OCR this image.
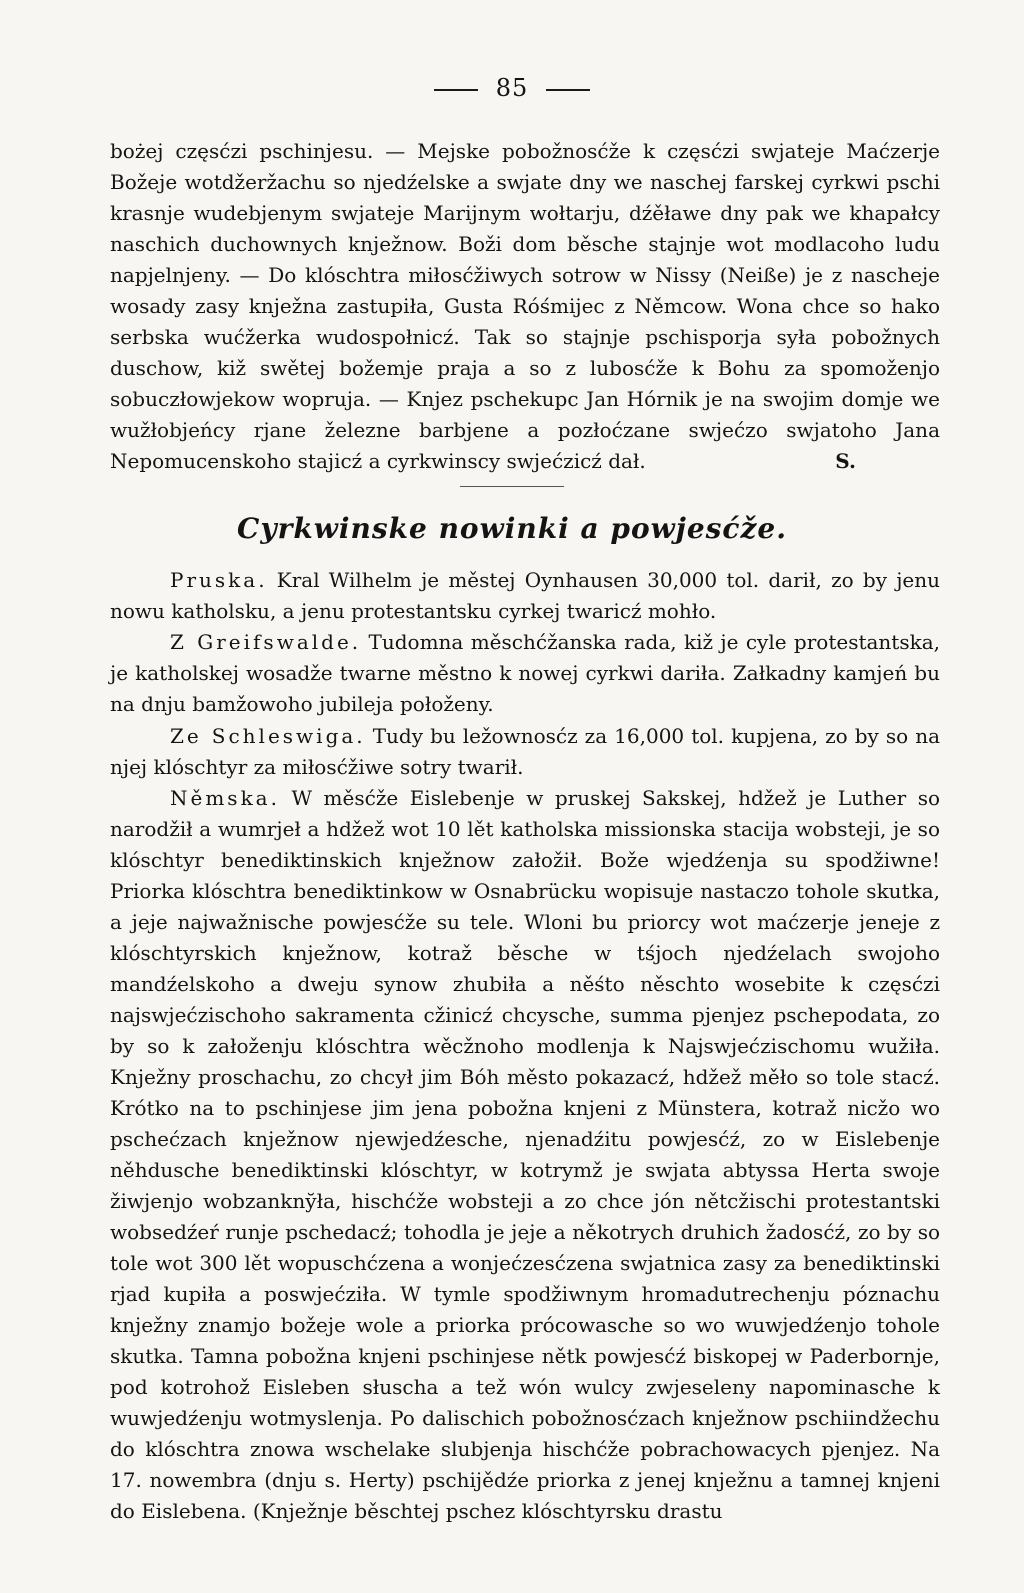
85
bożej częsćzi pschinjesu. — Mejske pobožnosćže k częsćzi swjateje Maćzerje Božeje wotdžeržachu so njedźelske a swjate dny we naschej farskej cyrkwi pschi krasnje wudebjenym swjateje Marijnym wołtarju, dźěławe dny pak we khapałcy naschich duchownych knježnow. Boži dom běsche stajnje wot modlacoho ludu napjelnjeny. — Do klóschtra miłosćžiwych sotrow w Nissy (Neiße) je z nascheje wosady zasy knježna zastupiła, Gusta Róśmijec z Němcow. Wona chce so hako serbska wućžerka wudospołnicź. Tak so stajnje pschisporja syła pobožnych duschow, kiž swětej božemje praja a so z lubosćže k Bohu za spomoženjo sobuczłowjekow wopruja. — Knjez pschekupc Jan Hórnik je na swojim domje we wužłobjeńcy rjane železne barbjene a pozłoćzane swjećzo swjatoho Jana Nepomucenskoho stajicź a cyrkwinscy swjećzicź dał.	S.
Cyrkwinske nowinki a powjesćže.
Pruska. Kral Wilhelm je městej Oynhausen 30,000 tol. darił, zo by jenu nowu katholsku, a jenu protestantsku cyrkej twaricź mohło.
Z Greifswalde. Tudomna měschćžanska rada, kiž je cyle protestantska, je katholskej wosadže twarne městno k nowej cyrkwi dariła. Załkadny kamjeń bu na dnju bamžowoho jubileja połoženy.
Ze Schleswiga. Tudy bu ležownosćz za 16,000 tol. kupjena, zo by so na njej klóschtyr za miłosćžiwe sotry twarił.
Němska. W měsćže Eislebenje w pruskej Sakskej, hdžež je Luther so narodžił a wumrjeł a hdžež wot 10 lět katholska missionska stacija wobsteji, je so klóschtyr benediktinskich knježnow załožił. Bože wjedźenja su spodžiwne! Priorka klóschtra benediktinkow w Osnabrücku wopisuje nastaczo tohole skutka, a jeje najwažnische powjesćže su tele. Wloni bu priorcy wot maćzerje jeneje z klóschtyrskich knježnow, kotraž běsche w tśjoch njedźelach swojoho mandźelskoho a dweju synow zhubiła a něśto něschto wosebite k częsćzi najswjećzischoho sakramenta cžinicź chcysche, summa pjenjez pschepodata, zo by so k załoženju klóschtra wěcžnoho modlenja k Najswjećzischomu wužiła. Knježny proschachu, zo chcył jim Bóh město pokazacź, hdžež měło so tole stacź. Krótko na to pschinjese jim jena pobožna knjeni z Münstera, kotraž nicžo wo pschećzach knježnow njewjedźesche, njenadźitu powjesćź, zo w Eislebenje něhdusche benediktinski klóschtyr, w kotrymž je swjata abtyssa Herta swoje žiwjenjo wobzankny̆ła, hischćže wobsteji a zo chce jón nětcžischi protestantski wobsedźeŕ runje pschedacź; tohodla je jeje a někotrych druhich žadosćź, zo by so tole wot 300 lět wopuschćzena a wonjećzesćzena swjatnica zasy za benediktinski rjad kupiła a poswjećziła. W tymle spodžiwnym hromadutrechenju póznachu knježny znamjo božeje wole a priorka prócowasche so wo wuwjedźenjo tohole skutka. Tamna pobožna knjeni pschinjese nětk powjesćź biskopej w Paderbornje, pod kotrohož Eisleben słuscha a tež wón wulcy zwjeseleny napominasche k wuwjedźenju wotmyslenja. Po dalischich pobožnosćzach knježnow pschiindžechu do klóschtra znowa wschelake slubjenja hischćže pobrachowacych pjenjez. Na 17. nowembra (dnju s. Herty) pschijědźe priorka z jenej knježnu a tamnej knjeni do Eislebena. (Knježnje běschtej pschez klóschtyrsku drastu
